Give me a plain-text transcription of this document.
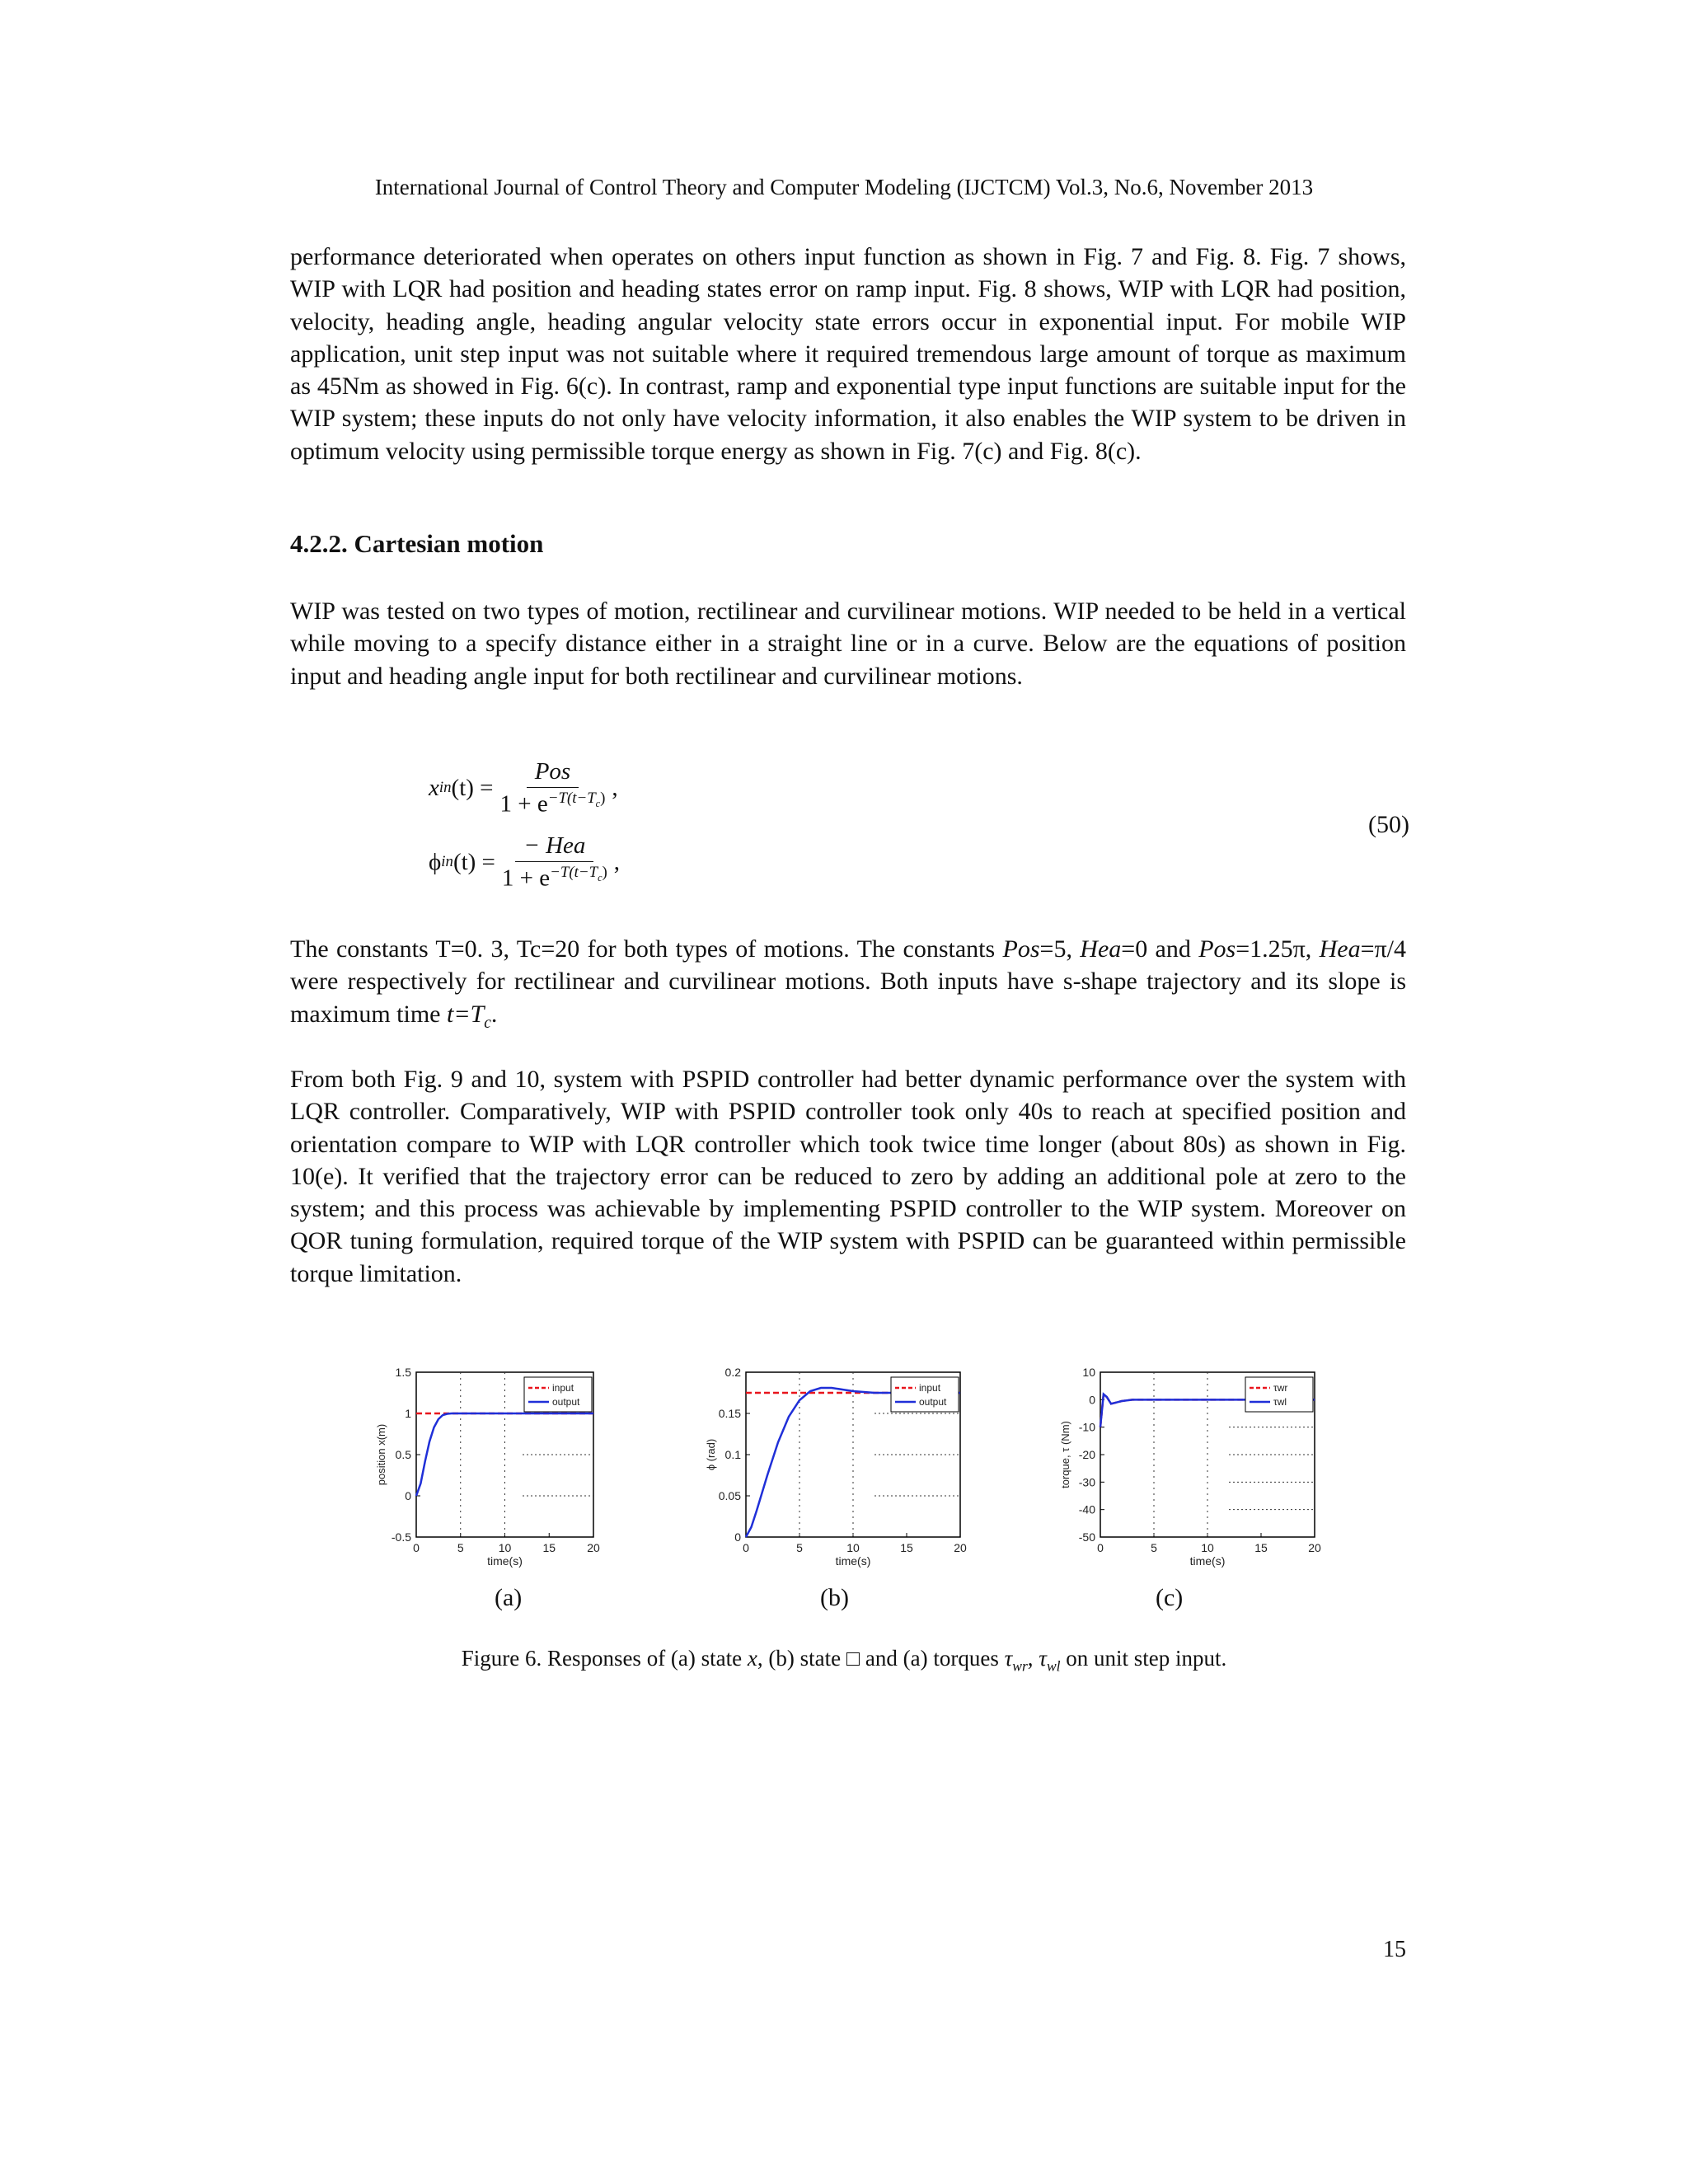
International Journal of Control Theory and Computer Modeling (IJCTCM) Vol.3, No.6, November 2013

performance deteriorated when operates on others input function as shown in Fig. 7 and Fig. 8. Fig. 7 shows, WIP with LQR had position and heading states error on ramp input. Fig. 8 shows, WIP with LQR had position, velocity, heading angle, heading angular velocity state errors occur in exponential input. For mobile WIP application, unit step input was not suitable where it required tremendous large amount of torque as maximum as 45Nm as showed in Fig. 6(c). In contrast, ramp and exponential type input functions are suitable input for the WIP system; these inputs do not only have velocity information, it also enables the WIP system to be driven in optimum velocity using permissible torque energy as shown in Fig. 7(c) and Fig. 8(c).

4.2.2. Cartesian motion

WIP was tested on two types of motion, rectilinear and curvilinear motions. WIP needed to be held in a vertical while moving to a specify distance either in a straight line or in a curve. Below are the equations of position input and heading angle input for both rectilinear and curvilinear motions.

x in $(t) = \frac{\text{Pos}}{1 + e^{-T(t-T_c)}}$ ,
ϕ in $(t) = \frac{\text{− Hea}}{1 + e^{-T(t-T_c)}}$ ,
(50)

The constants T=0. 3, Tc=20 for both types of motions. The constants Pos=5, Hea=0 and Pos=1.25π, Hea=π/4 were respectively for rectilinear and curvilinear motions. Both inputs have s-shape trajectory and its slope is maximum time $t=T_c$.

From both Fig. 9 and 10, system with PSPID controller had better dynamic performance over the system with LQR controller. Comparatively, WIP with PSPID controller took only 40s to reach at specified position and orientation compare to WIP with LQR controller which took twice time longer (about 80s) as shown in Fig. 10(e). It verified that the trajectory error can be reduced to zero by adding an additional pole at zero to the system; and this process was achievable by implementing PSPID controller to the WIP system. Moreover on QOR tuning formulation, required torque of the WIP system with PSPID can be guaranteed within permissible torque limitation.

0	5	10	15	20
-0.5
0
0.5
1
1.5
time(s)
position x(m)
input
output
0	5	10	15	20
0
0.05
0.1
0.15
0.2
time(s)
ϕ (rad)
input
output
0	5	10	15	20
-50
-40
-30
-20
-10
0
10
time(s)
torque, τ (Nm)
τwr
τwl
(a)	(b)	(c)
Figure 6. Responses of (a) state x, (b) state □ and (a) torques $\tau_{wr}$, $\tau_{wl}$ on unit step input.
15
